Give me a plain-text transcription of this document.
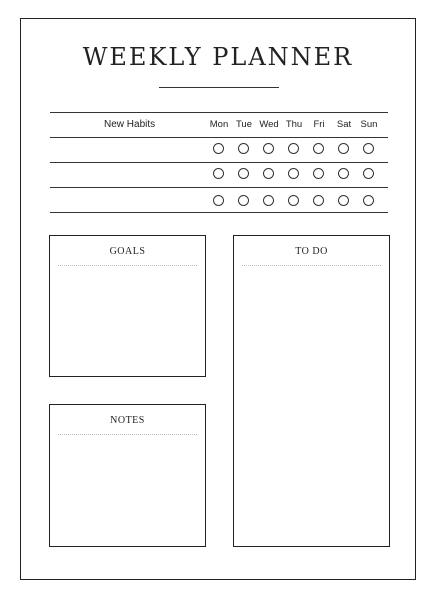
WEEKLY PLANNER
New Habits	Mon Tue Wed Thu	Fri	Sat Sun
GOALS	TO DO
NOTES
